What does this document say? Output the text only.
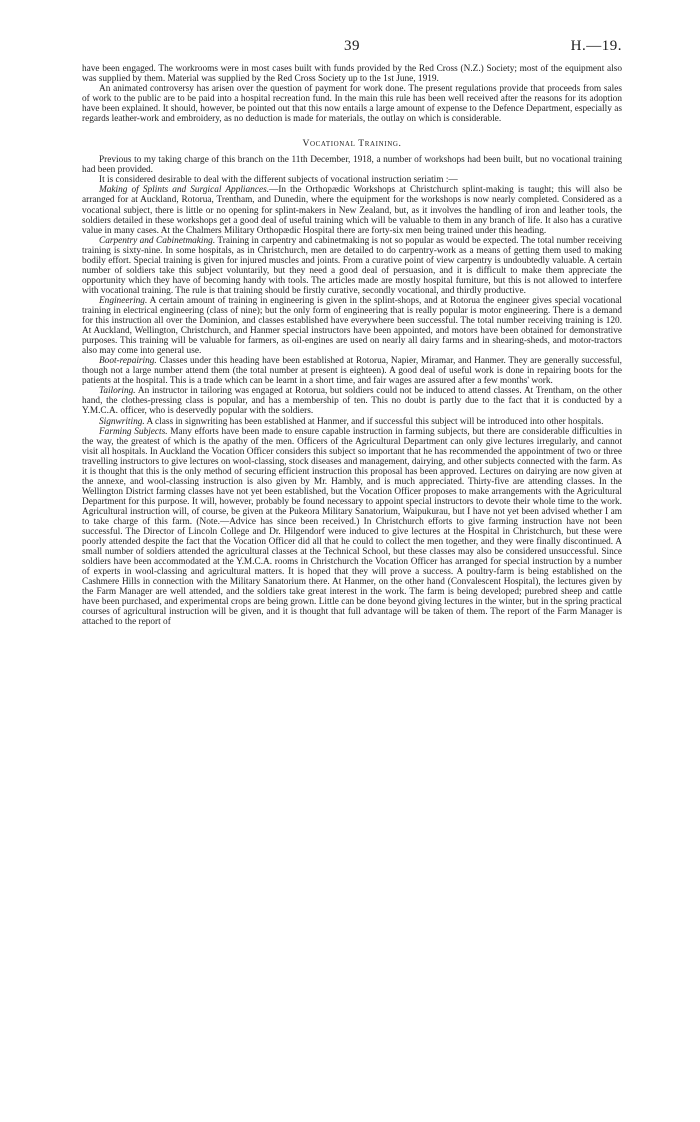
39	H.—19.

have been engaged. The workrooms were in most cases built with funds provided by the Red Cross (N.Z.) Society; most of the equipment also was supplied by them. Material was supplied by the Red Cross Society up to the 1st June, 1919.

An animated controversy has arisen over the question of payment for work done. The present regulations provide that proceeds from sales of work to the public are to be paid into a hospital recreation fund. In the main this rule has been well received after the reasons for its adoption have been explained. It should, however, be pointed out that this now entails a large amount of expense to the Defence Department, especially as regards leather-work and embroidery, as no deduction is made for materials, the outlay on which is considerable.

Vocational Training.

Previous to my taking charge of this branch on the 11th December, 1918, a number of workshops had been built, but no vocational training had been provided.

It is considered desirable to deal with the different subjects of vocational instruction seriatim :—

Making of Splints and Surgical Appliances.—In the Orthopædic Workshops at Christchurch splint-making is taught; this will also be arranged for at Auckland, Rotorua, Trentham, and Dunedin, where the equipment for the workshops is now nearly completed. Considered as a vocational subject, there is little or no opening for splint-makers in New Zealand, but, as it involves the handling of iron and leather tools, the soldiers detailed in these workshops get a good deal of useful training which will be valuable to them in any branch of life. It also has a curative value in many cases. At the Chalmers Military Orthopædic Hospital there are forty-six men being trained under this heading.

Carpentry and Cabinetmaking. Training in carpentry and cabinetmaking is not so popular as would be expected. The total number receiving training is sixty-nine. In some hospitals, as in Christchurch, men are detailed to do carpentry-work as a means of getting them used to making bodily effort. Special training is given for injured muscles and joints. From a curative point of view carpentry is undoubtedly valuable. A certain number of soldiers take this subject voluntarily, but they need a good deal of persuasion, and it is difficult to make them appreciate the opportunity which they have of becoming handy with tools. The articles made are mostly hospital furniture, but this is not allowed to interfere with vocational training. The rule is that training should be firstly curative, secondly vocational, and thirdly productive.

Engineering. A certain amount of training in engineering is given in the splint-shops, and at Rotorua the engineer gives special vocational training in electrical engineering (class of nine); but the only form of engineering that is really popular is motor engineering. There is a demand for this instruction all over the Dominion, and classes established have everywhere been successful. The total number receiving training is 120. At Auckland, Wellington, Christchurch, and Hanmer special instructors have been appointed, and motors have been obtained for demonstrative purposes. This training will be valuable for farmers, as oil-engines are used on nearly all dairy farms and in shearing-sheds, and motor-tractors also may come into general use.

Boot-repairing. Classes under this heading have been established at Rotorua, Napier, Miramar, and Hanmer. They are generally successful, though not a large number attend them (the total number at present is eighteen). A good deal of useful work is done in repairing boots for the patients at the hospital. This is a trade which can be learnt in a short time, and fair wages are assured after a few months' work.

Tailoring. An instructor in tailoring was engaged at Rotorua, but soldiers could not be induced to attend classes. At Trentham, on the other hand, the clothes-pressing class is popular, and has a membership of ten. This no doubt is partly due to the fact that it is conducted by a Y.M.C.A. officer, who is deservedly popular with the soldiers.

Signwriting. A class in signwriting has been established at Hanmer, and if successful this subject will be introduced into other hospitals.

Farming Subjects. Many efforts have been made to ensure capable instruction in farming subjects, but there are considerable difficulties in the way, the greatest of which is the apathy of the men. Officers of the Agricultural Department can only give lectures irregularly, and cannot visit all hospitals. In Auckland the Vocation Officer considers this subject so important that he has recommended the appointment of two or three travelling instructors to give lectures on wool-classing, stock diseases and management, dairying, and other subjects connected with the farm. As it is thought that this is the only method of securing efficient instruction this proposal has been approved. Lectures on dairying are now given at the annexe, and wool-classing instruction is also given by Mr. Hambly, and is much appreciated. Thirty-five are attending classes. In the Wellington District farming classes have not yet been established, but the Vocation Officer proposes to make arrangements with the Agricultural Department for this purpose. It will, however, probably be found necessary to appoint special instructors to devote their whole time to the work. Agricultural instruction will, of course, be given at the Pukeora Military Sanatorium, Waipukurau, but I have not yet been advised whether I am to take charge of this farm. (Note.—Advice has since been received.) In Christchurch efforts to give farming instruction have not been successful. The Director of Lincoln College and Dr. Hilgendorf were induced to give lectures at the Hospital in Christchurch, but these were poorly attended despite the fact that the Vocation Officer did all that he could to collect the men together, and they were finally discontinued. A small number of soldiers attended the agricultural classes at the Technical School, but these classes may also be considered unsuccessful. Since soldiers have been accommodated at the Y.M.C.A. rooms in Christchurch the Vocation Officer has arranged for special instruction by a number of experts in wool-classing and agricultural matters. It is hoped that they will prove a success. A poultry-farm is being established on the Cashmere Hills in connection with the Military Sanatorium there. At Hanmer, on the other hand (Convalescent Hospital), the lectures given by the Farm Manager are well attended, and the soldiers take great interest in the work. The farm is being developed; purebred sheep and cattle have been purchased, and experimental crops are being grown. Little can be done beyond giving lectures in the winter, but in the spring practical courses of agricultural instruction will be given, and it is thought that full advantage will be taken of them. The report of the Farm Manager is attached to the report of
